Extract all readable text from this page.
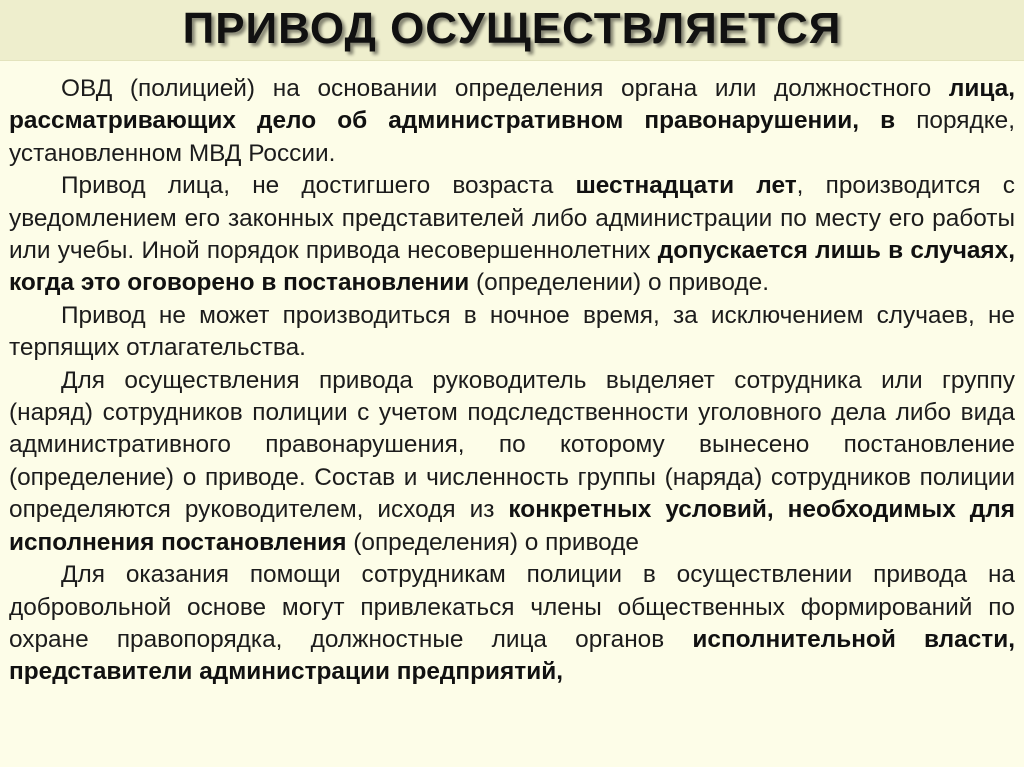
ПРИВОД ОСУЩЕСТВЛЯЕТСЯ

ОВД (полицией) на основании определения органа или должностного лица, рассматривающих дело об административном правонарушении, в порядке, установленном МВД России.

Привод лица, не достигшего возраста шестнадцати лет, производится с уведомлением его законных представителей либо администрации по месту его работы или учебы. Иной порядок привода несовершеннолетних допускается лишь в случаях, когда это оговорено в постановлении (определении) о приводе.

Привод не может производиться в ночное время, за исключением случаев, не терпящих отлагательства.

Для осуществления привода руководитель выделяет сотрудника или группу (наряд) сотрудников полиции с учетом подследственности уголовного дела либо вида административного правонарушения, по которому вынесено постановление (определение) о приводе. Состав и численность группы (наряда) сотрудников полиции определяются руководителем, исходя из конкретных условий, необходимых для исполнения постановления (определения) о приводе

Для оказания помощи сотрудникам полиции в осуществлении привода на добровольной основе могут привлекаться члены общественных формирований по охране правопорядка, должностные лица органов исполнительной власти, представители администрации предприятий,
